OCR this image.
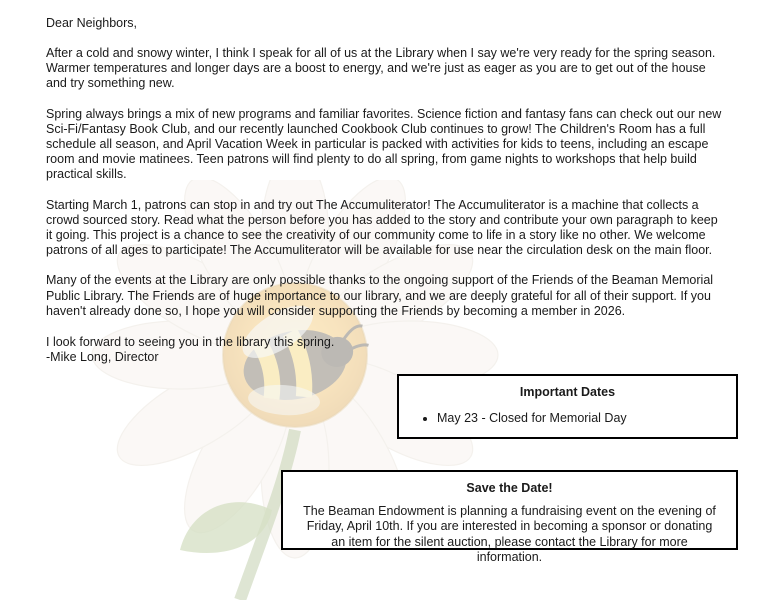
Dear Neighbors,

After a cold and snowy winter, I think I speak for all of us at the Library when I say we're very ready for the spring season. Warmer temperatures and longer days are a boost to energy, and we're just as eager as you are to get out of the house and try something new.

Spring always brings a mix of new programs and familiar favorites. Science fiction and fantasy fans can check out our new Sci-Fi/Fantasy Book Club, and our recently launched Cookbook Club continues to grow! The Children's Room has a full schedule all season, and April Vacation Week in particular is packed with activities for kids to teens, including an escape room and movie matinees. Teen patrons will find plenty to do all spring, from game nights to workshops that help build practical skills.

Starting March 1, patrons can stop in and try out The Accumuliterator! The Accumuliterator is a machine that collects a crowd sourced story. Read what the person before you has added to the story and contribute your own paragraph to keep it going. This project is a chance to see the creativity of our community come to life in a story like no other. We welcome patrons of all ages to participate! The Accumuliterator will be available for use near the circulation desk on the main floor.

Many of the events at the Library are only possible thanks to the ongoing support of the Friends of the Beaman Memorial Public Library. The Friends are of huge importance to our library, and we are deeply grateful for all of their support. If you haven't already done so, I hope you will consider supporting the Friends by becoming a member in 2026.

I look forward to seeing you in the library this spring.
-Mike Long, Director
Important Dates
• May 23 - Closed for Memorial Day
Save the Date!
The Beaman Endowment is planning a fundraising event on the evening of Friday, April 10th. If you are interested in becoming a sponsor or donating an item for the silent auction, please contact the Library for more information.
